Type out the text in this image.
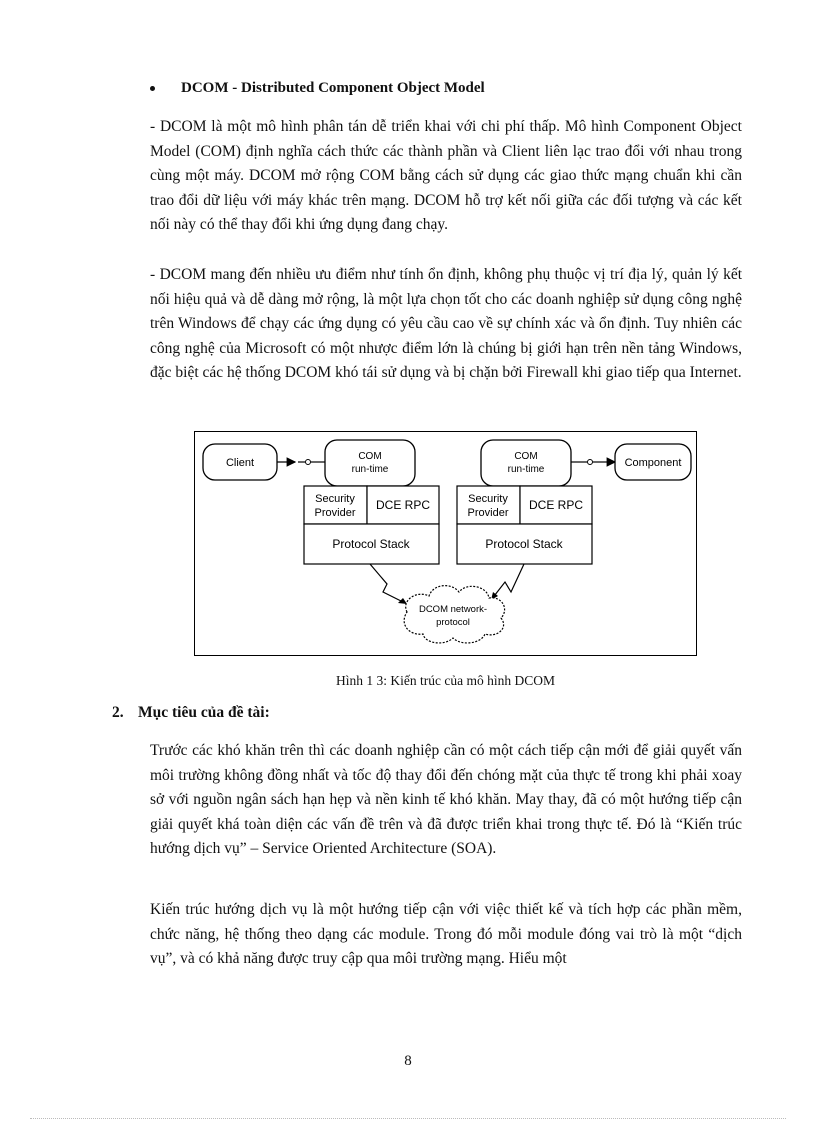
DCOM - Distributed Component Object Model

- DCOM là một mô hình phân tán dễ triển khai với chi phí thấp. Mô hình Component Object Model (COM) định nghĩa cách thức các thành phần và Client liên lạc trao đổi với nhau trong cùng một máy. DCOM mở rộng COM bằng cách sử dụng các giao thức mạng chuẩn khi cần trao đổi dữ liệu với máy khác trên mạng. DCOM hỗ trợ kết nối giữa các đối tượng và các kết nối này có thể thay đổi khi ứng dụng đang chạy.

- DCOM mang đến nhiều ưu điểm như tính ổn định, không phụ thuộc vị trí địa lý, quản lý kết nối hiệu quả và dễ dàng mở rộng, là một lựa chọn tốt cho các doanh nghiệp sử dụng công nghệ trên Windows để chạy các ứng dụng có yêu cầu cao về sự chính xác và ổn định. Tuy nhiên các công nghệ của Microsoft có một nhược điểm lớn là chúng bị giới hạn trên nền tảng Windows, đặc biệt các hệ thống DCOM khó tái sử dụng và bị chặn bởi Firewall khi giao tiếp qua Internet.

Client
COM
run-time
Security
Provider
DCE RPC
Protocol Stack
COM
run-time
Security
Provider
DCE RPC
Protocol Stack
Component
DCOM network-
protocol
Hình 1 3: Kiến trúc của mô hình DCOM
2. Mục tiêu của đề tài:

Trước các khó khăn trên thì các doanh nghiệp cần có một cách tiếp cận mới để giải quyết vấn môi trường không đồng nhất và tốc độ thay đổi đến chóng mặt của thực tế trong khi phải xoay sở với nguồn ngân sách hạn hẹp và nền kinh tế khó khăn. May thay, đã có một hướng tiếp cận giải quyết khá toàn diện các vấn đề trên và đã được triển khai trong thực tế. Đó là “Kiến trúc hướng dịch vụ” – Service Oriented Architecture (SOA).

Kiến trúc hướng dịch vụ là một hướng tiếp cận với việc thiết kế và tích hợp các phần mềm, chức năng, hệ thống theo dạng các module. Trong đó mỗi module đóng vai trò là một “dịch vụ”, và có khả năng được truy cập qua môi trường mạng. Hiểu một

8
